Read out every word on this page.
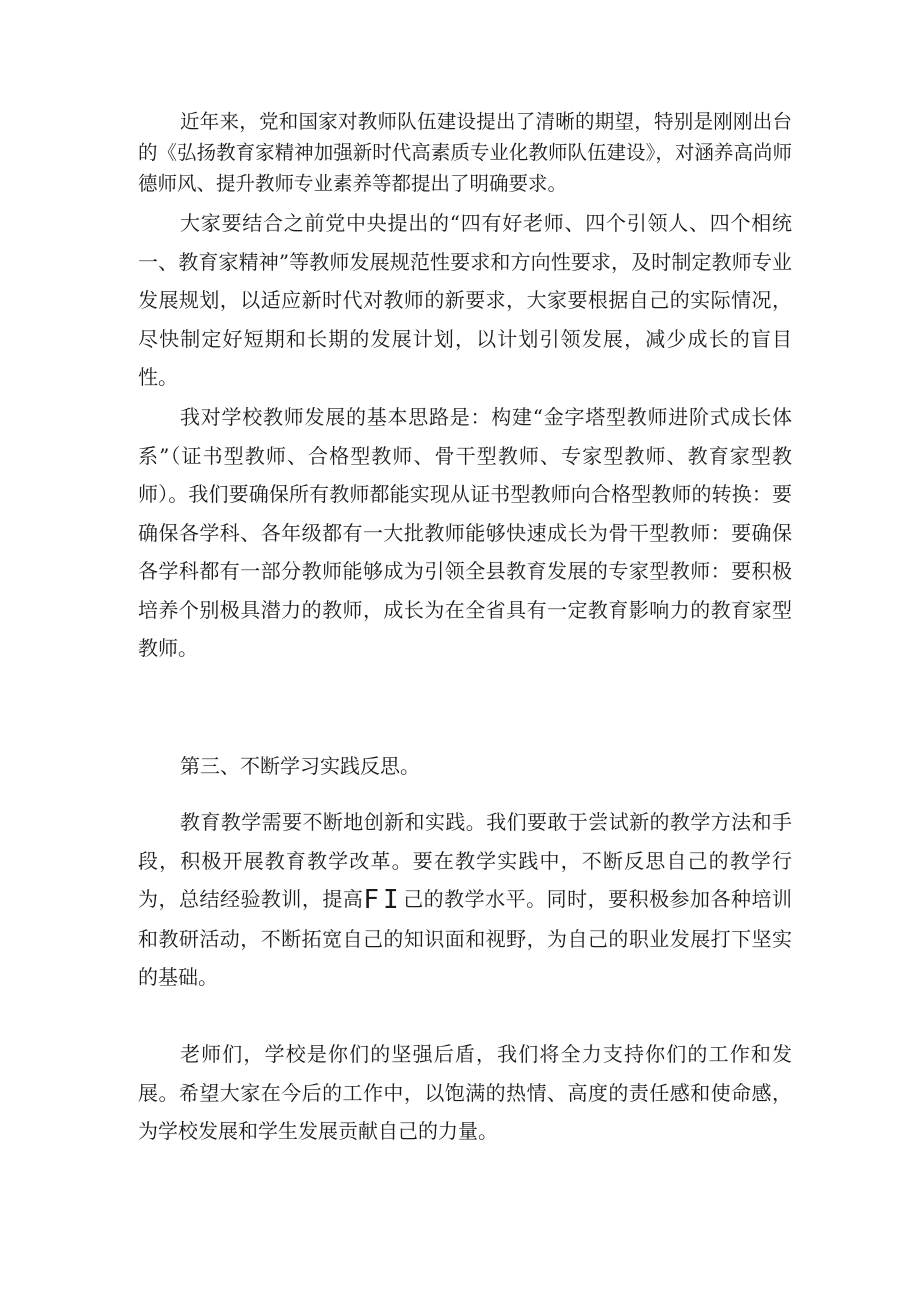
近年来，党和国家对教师队伍建设提出了清晰的期望，特别是刚刚出台的《弘扬教育家精神加强新时代高素质专业化教师队伍建设》，对涵养高尚师德师风、提升教师专业素养等都提出了明确要求。

大家要结合之前党中央提出的“四有好老师、四个引领人、四个相统一、教育家精神”等教师发展规范性要求和方向性要求，及时制定教师专业发展规划，以适应新时代对教师的新要求，大家要根据自己的实际情况，尽快制定好短期和长期的发展计划，以计划引领发展，减少成长的盲目性。

我对学校教师发展的基本思路是：构建“金字塔型教师进阶式成长体系”（证书型教师、合格型教师、骨干型教师、专家型教师、教育家型教师）。我们要确保所有教师都能实现从证书型教师向合格型教师的转换：要确保各学科、各年级都有一大批教师能够快速成长为骨干型教师：要确保各学科都有一部分教师能够成为引领全县教育发展的专家型教师：要积极培养个别极具潜力的教师，成长为在全省具有一定教育影响力的教育家型教师。

第三、不断学习实践反思。

教育教学需要不断地创新和实践。我们要敢于尝试新的教学方法和手段，积极开展教育教学改革。要在教学实践中，不断反思自己的教学行为，总结经验教训，提高FI己的教学水平。同时，要积极参加各种培训和教研活动，不断拓宽自己的知识面和视野，为自己的职业发展打下坚实的基础。

老师们，学校是你们的坚强后盾，我们将全力支持你们的工作和发展。希望大家在今后的工作中，以饱满的热情、高度的责任感和使命感，为学校发展和学生发展贡献自己的力量。
